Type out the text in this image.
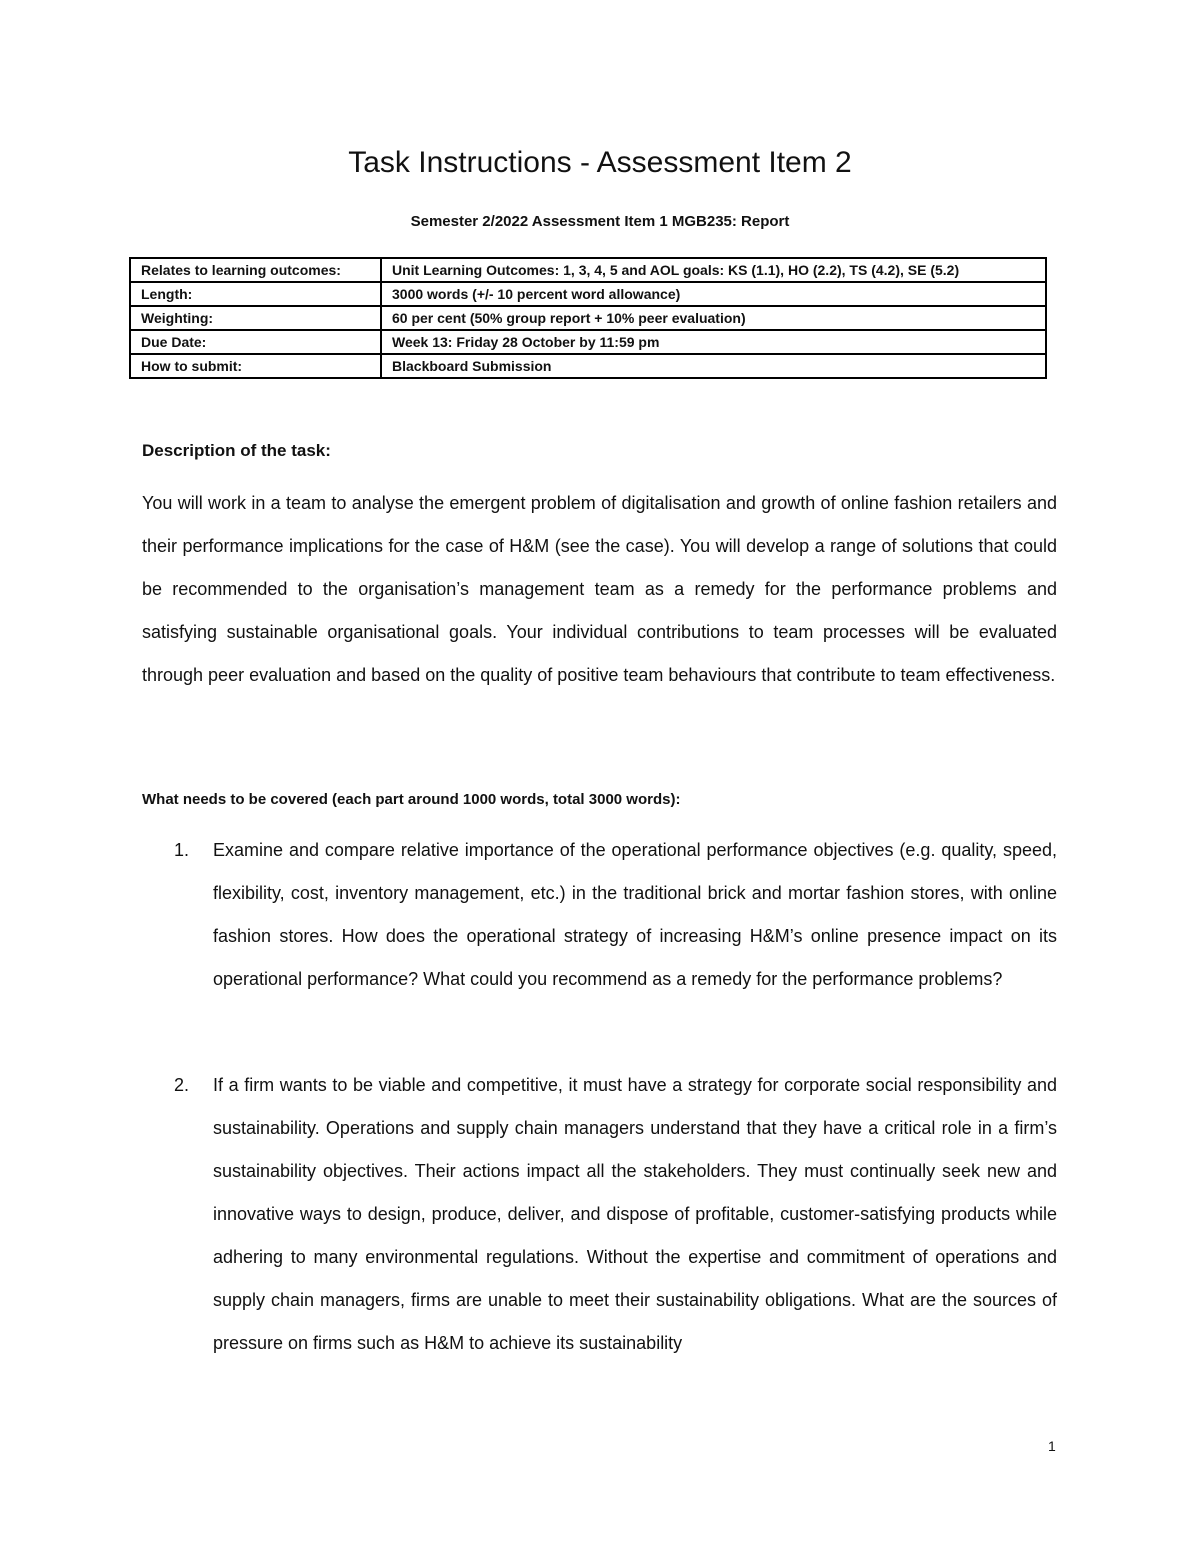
Task Instructions - Assessment Item 2
Semester 2/2022 Assessment Item 1 MGB235: Report
Relates to learning outcomes:	Unit Learning Outcomes: 1, 3, 4, 5 and AOL goals: KS (1.1), HO (2.2), TS (4.2), SE (5.2)
Length:	3000 words (+/- 10 percent word allowance)
Weighting:	60 per cent (50% group report + 10% peer evaluation)
Due Date:	Week 13: Friday 28 October by 11:59 pm
How to submit:	Blackboard Submission
Description of the task:
You will work in a team to analyse the emergent problem of digitalisation and growth of online fashion retailers and their performance implications for the case of H&M (see the case). You will develop a range of solutions that could be recommended to the organisation’s management team as a remedy for the performance problems and satisfying sustainable organisational goals. Your individual contributions to team processes will be evaluated through peer evaluation and based on the quality of positive team behaviours that contribute to team effectiveness.
What needs to be covered (each part around 1000 words, total 3000 words):
1. Examine and compare relative importance of the operational performance objectives (e.g. quality, speed, flexibility, cost, inventory management, etc.) in the traditional brick and mortar fashion stores, with online fashion stores. How does the operational strategy of increasing H&M’s online presence impact on its operational performance? What could you recommend as a remedy for the performance problems?
2. If a firm wants to be viable and competitive, it must have a strategy for corporate social responsibility and sustainability. Operations and supply chain managers understand that they have a critical role in a firm’s sustainability objectives. Their actions impact all the stakeholders. They must continually seek new and innovative ways to design, produce, deliver, and dispose of profitable, customer-satisfying products while adhering to many environmental regulations. Without the expertise and commitment of operations and supply chain managers, firms are unable to meet their sustainability obligations. What are the sources of pressure on firms such as H&M to achieve its sustainability
1
